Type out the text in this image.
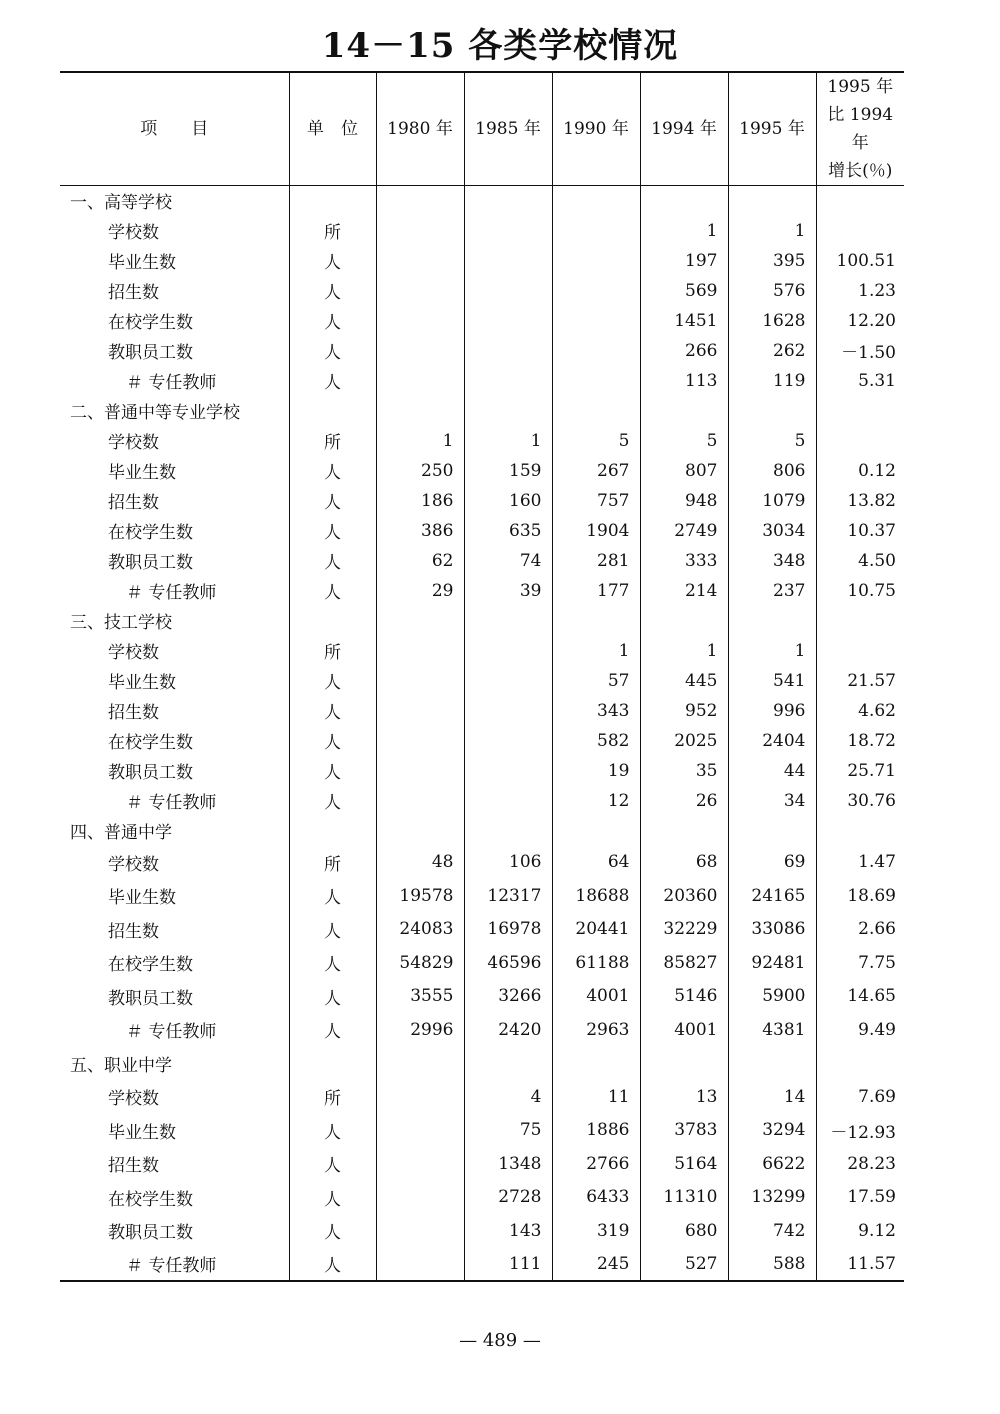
14－15 各类学校情况
项　　目	单　位	1980 年	1985 年	1990 年	1994 年	1995 年	1995 年
比 1994 年
增长(％)

一、高等学校							
学校数	所				1	1	
毕业生数	人				197	395	100.51
招生数	人				569	576	1.23
在校学生数	人				1451	1628	12.20
教职员工数	人				266	262	－1.50
＃ 专任教师	人				113	119	5.31
二、普通中等专业学校							
学校数	所	1	1	5	5	5	
毕业生数	人	250	159	267	807	806	0.12
招生数	人	186	160	757	948	1079	13.82
在校学生数	人	386	635	1904	2749	3034	10.37
教职员工数	人	62	74	281	333	348	4.50
＃ 专任教师	人	29	39	177	214	237	10.75
三、技工学校							
学校数	所			1	1	1	
毕业生数	人			57	445	541	21.57
招生数	人			343	952	996	4.62
在校学生数	人			582	2025	2404	18.72
教职员工数	人			19	35	44	25.71
＃ 专任教师	人			12	26	34	30.76
四、普通中学							
学校数	所	48	106	64	68	69	1.47
毕业生数	人	19578	12317	18688	20360	24165	18.69
招生数	人	24083	16978	20441	32229	33086	2.66
在校学生数	人	54829	46596	61188	85827	92481	7.75
教职员工数	人	3555	3266	4001	5146	5900	14.65
＃ 专任教师	人	2996	2420	2963	4001	4381	9.49
五、职业中学							
学校数	所		4	11	13	14	7.69
毕业生数	人		75	1886	3783	3294	－12.93
招生数	人		1348	2766	5164	6622	28.23
在校学生数	人		2728	6433	11310	13299	17.59
教职员工数	人		143	319	680	742	9.12
＃ 专任教师	人		111	245	527	588	11.57
— 489 —
